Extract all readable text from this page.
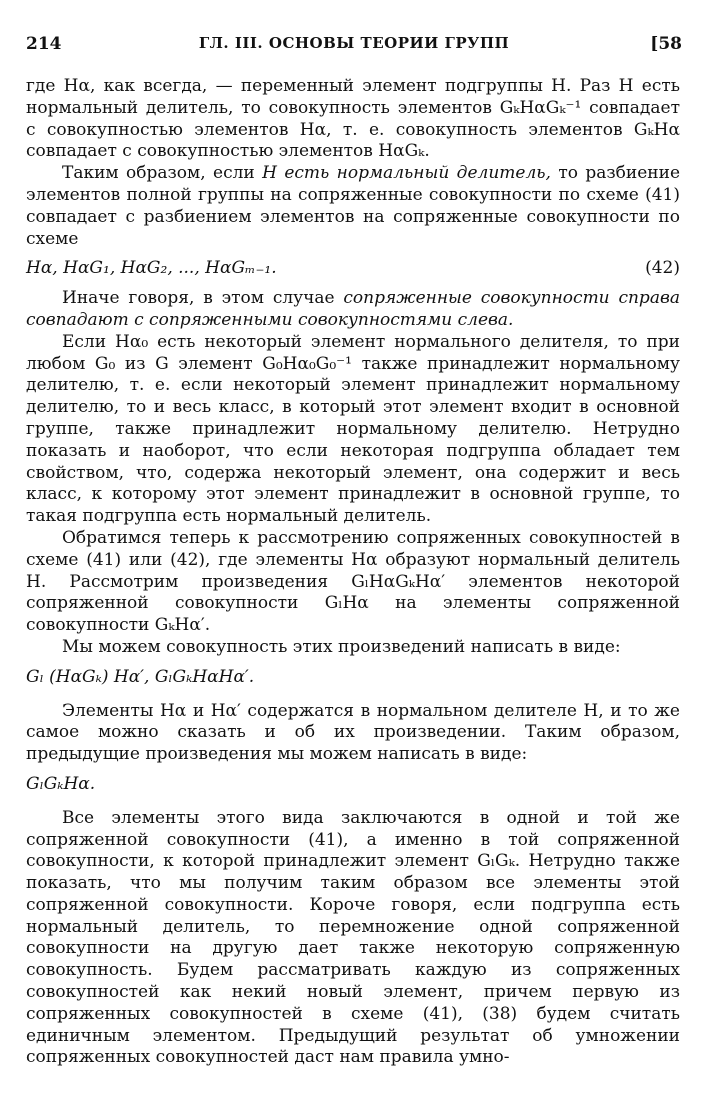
214	ГЛ. III. ОСНОВЫ ТЕОРИИ ГРУПП	[58

где Hα, как всегда, — переменный элемент подгруппы H. Раз H есть нормальный делитель, то совокупность элементов GₖHαGₖ⁻¹ совпадает с совокупностью элементов Hα, т. е. совокупность элементов GₖHα совпадает с совокупностью элементов HαGₖ.

Таким образом, если H есть нормальный делитель, то разбиение элементов полной группы на сопряженные совокупности по схеме (41) совпадает с разбиением элементов на сопряженные совокупности по схеме

Hα, HαG₁, HαG₂, ..., HαGₘ₋₁.	(42)

Иначе говоря, в этом случае сопряженные совокупности справа совпадают с сопряженными совокупностями слева.

Если Hα₀ есть некоторый элемент нормального делителя, то при любом G₀ из G элемент G₀Hα₀G₀⁻¹ также принадлежит нормальному делителю, т. е. если некоторый элемент принадлежит нормальному делителю, то и весь класс, в который этот элемент входит в основной группе, также принадлежит нормальному делителю. Нетрудно показать и наоборот, что если некоторая подгруппа обладает тем свойством, что, содержа некоторый элемент, она содержит и весь класс, к которому этот элемент принадлежит в основной группе, то такая подгруппа есть нормальный делитель.

Обратимся теперь к рассмотрению сопряженных совокупностей в схеме (41) или (42), где элементы Hα образуют нормальный делитель H. Рассмотрим произведения GₗHαGₖHα′ элементов некоторой сопряженной совокупности GₗHα на элементы сопряженной совокупности GₖHα′.

Мы можем совокупность этих произведений написать в виде:

Gₗ (HαGₖ) Hα′, GₗGₖHαHα′.

Элементы Hα и Hα′ содержатся в нормальном делителе H, и то же самое можно сказать и об их произведении. Таким образом, предыдущие произведения мы можем написать в виде:

GₗGₖHα.

Все элементы этого вида заключаются в одной и той же сопряженной совокупности (41), а именно в той сопряженной совокупности, к которой принадлежит элемент GₗGₖ. Нетрудно также показать, что мы получим таким образом все элементы этой сопряженной совокупности. Короче говоря, если подгруппа есть нормальный делитель, то перемножение одной сопряженной совокупности на другую дает также некоторую сопряженную совокупность. Будем рассматривать каждую из сопряженных совокупностей как некий новый элемент, причем первую из сопряженных совокупностей в схеме (41), (38) будем считать единичным элементом. Предыдущий результат об умножении сопряженных совокупностей даст нам правила умно-
